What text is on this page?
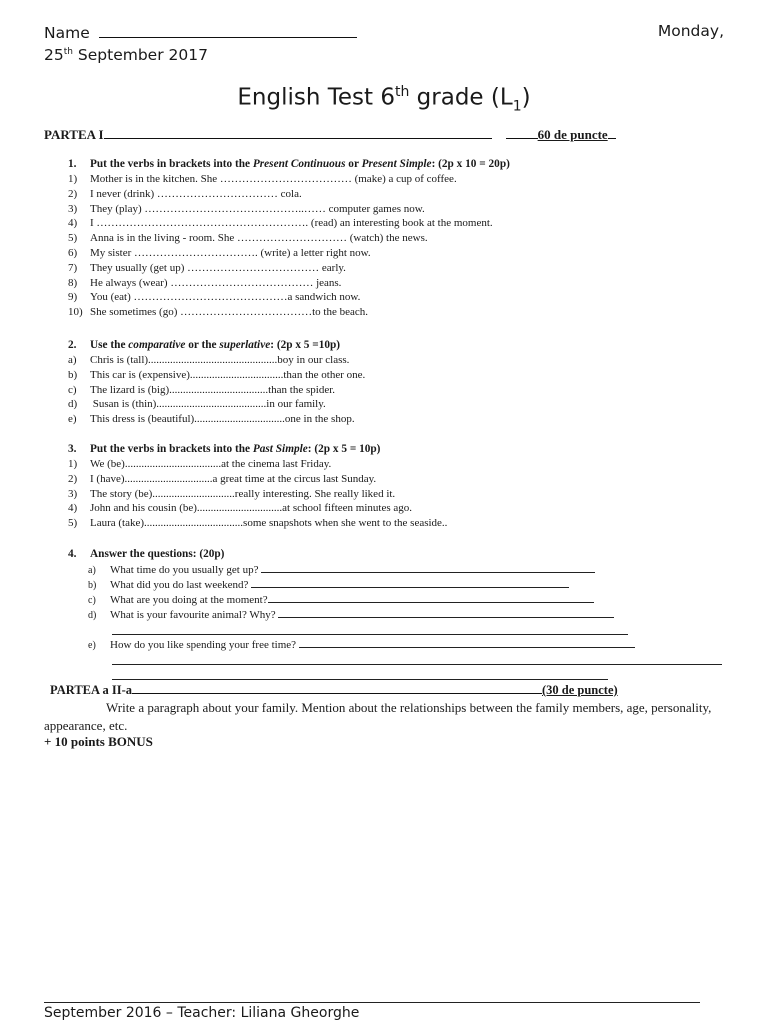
Name	Monday,
25th September 2017
English Test 6th grade $(L_1)$
PARTEA I	60 de puncte
1. Put the verbs in brackets into the Present Continuous or Present Simple: (2p x 10 = 20p)
1) Mother is in the kitchen. She ……………………………… (make) a cup of coffee.
2) I never (drink) …………………………… cola.
3) They (play) ……………………………………..…… computer games now.
4) I …………………………………………………. (read) an interesting book at the moment.
5) Anna is in the living - room. She ………………………… (watch) the news.
6) My sister ……………………………. (write) a letter right now.
7) They usually (get up) ……………………………… early.
8) He always (wear) ………………………………… jeans.
9) You (eat) ……………………………………a sandwich now.
10) She sometimes (go) ………………………………to the beach.
2. Use the comparative or the superlative: (2p x 5 =10p)
a) Chris is (tall)...............................................boy in our class.
b) This car is (expensive)..................................than the other one.
c) The lizard is (big)....................................than the spider.
d) Susan is (thin)........................................in our family.
e) This dress is (beautiful).................................one in the shop.
3. Put the verbs in brackets into the Past Simple: (2p x 5 = 10p)
1) We (be)...................................at the cinema last Friday.
2) I (have)................................a great time at the circus last Sunday.
3) The story (be)..............................really interesting. She really liked it.
4) John and his cousin (be)...............................at school fifteen minutes ago.
5) Laura (take)....................................some snapshots when she went to the seaside..
4. Answer the questions: (20p)
a) What time do you usually get up?
b) What did you do last weekend?
c) What are you doing at the moment?
d) What is your favourite animal? Why?
e) How do you like spending your free time?
PARTEA a II-a	(30 de puncte)
Write a paragraph about your family. Mention about the relationships between the family members, age, personality, appearance, etc.
+ 10 points BONUS
September 2016 – Teacher: Liliana Gheorghe
